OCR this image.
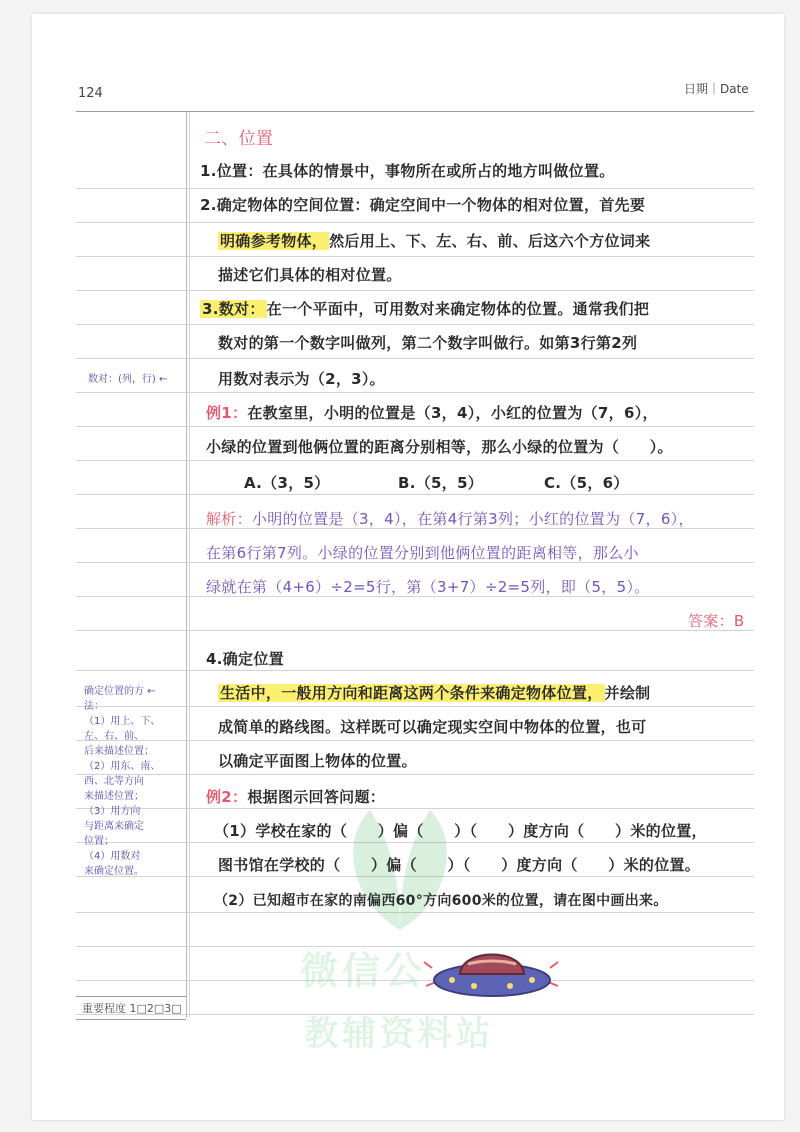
124	日期｜Date
微信公
教辅资料站
二、位置
1.位置：在具体的情景中，事物所在或所占的地方叫做位置。
2.确定物体的空间位置：确定空间中一个物体的相对位置，首先要
明确参考物体， 然后用上、下、左、右、前、后这六个方位词来
描述它们具体的相对位置。
3.数对： 在一个平面中，可用数对来确定物体的位置。通常我们把
数对的第一个数字叫做列，第二个数字叫做行。如第3行第2列
用数对表示为（2，3）。
例1：在教室里，小明的位置是（3，4），小红的位置为（7，6），
小绿的位置到他俩位置的距离分别相等，那么小绿的位置为（　　）。
A.（3，5）	B.（5，5）	C.（5，6）
解析：小明的位置是（3，4），在第4行第3列；小红的位置为（7，6），
在第6行第7列。小绿的位置分别到他俩位置的距离相等，那么小
绿就在第（4+6）÷2=5行，第（3+7）÷2=5列，即（5，5）。
答案：B
4.确定位置
生活中，一般用方向和距离这两个条件来确定物体位置， 并绘制
成简单的路线图。这样既可以确定现实空间中物体的位置，也可
以确定平面图上物体的位置。
例2：根据图示回答问题：
（1）学校在家的（　　）偏（　　）（　　）度方向（　　）米的位置，
图书馆在学校的（　　）偏（　　）（　　）度方向（　　）米的位置。
（2）已知超市在家的南偏西60°方向600米的位置，请在图中画出来。
数对：(列，行) ←
确定位置的方 ←
法：
（1）用上、下、
左、右、前、
后来描述位置；
（2）用东、南、
西、北等方向
来描述位置；
（3）用方向
与距离来确定
位置；
（4）用数对
来确定位置。
重要程度 1□2□3□
